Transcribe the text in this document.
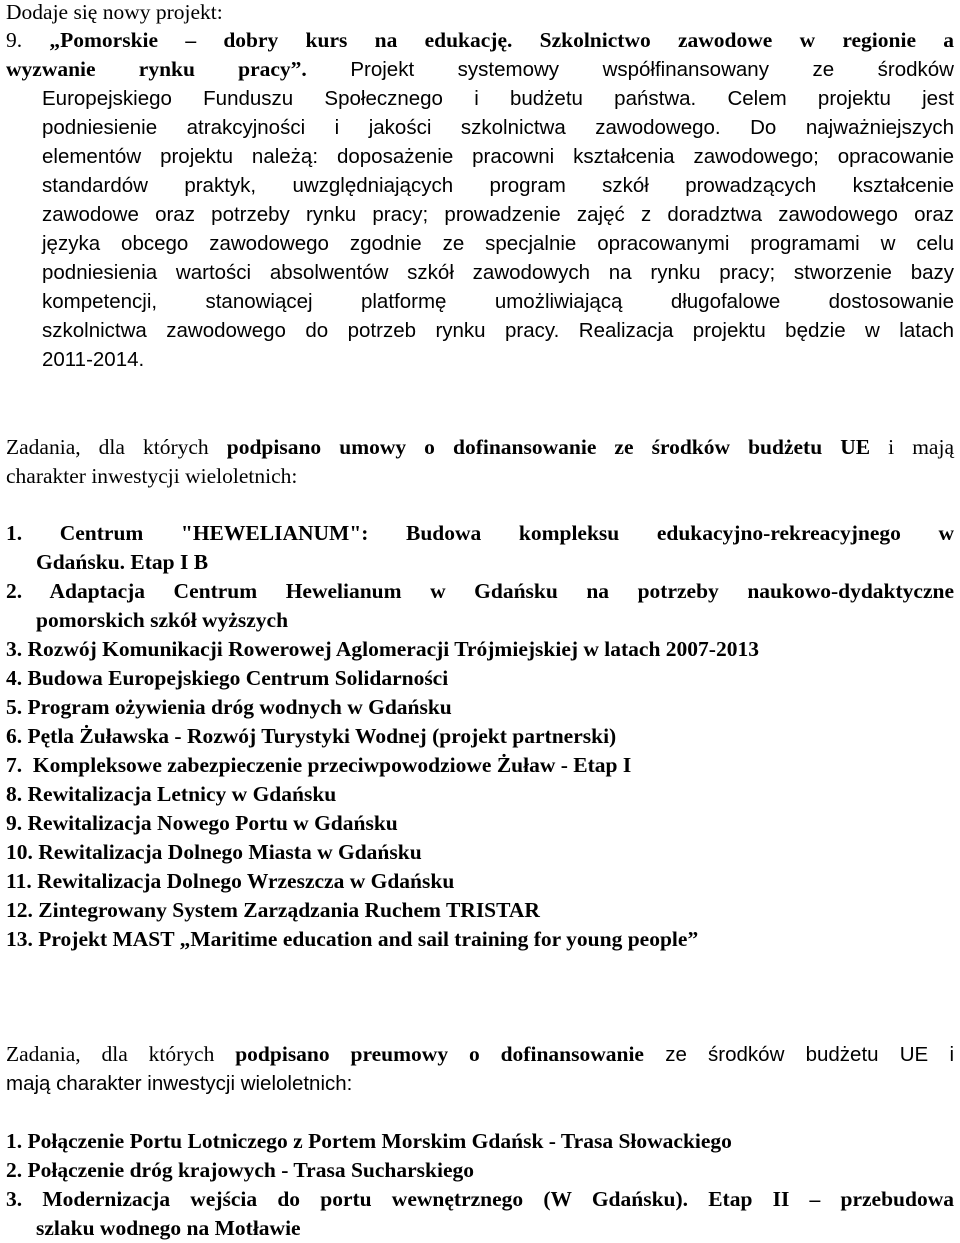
Dodaje się nowy projekt:
9. „Pomorskie – dobry kurs na edukację. Szkolnictwo zawodowe w regionie a
wyzwanie rynku pracy”. Projekt systemowy współfinansowany ze środków
Europejskiego Funduszu Społecznego i budżetu państwa. Celem projektu jest
podniesienie atrakcyjności i jakości szkolnictwa zawodowego. Do najważniejszych
elementów projektu należą: doposażenie pracowni kształcenia zawodowego; opracowanie
standardów praktyk, uwzględniających program szkół prowadzących kształcenie
zawodowe oraz potrzeby rynku pracy; prowadzenie zajęć z doradztwa zawodowego oraz
języka obcego zawodowego zgodnie ze specjalnie opracowanymi programami w celu
podniesienia wartości absolwentów szkół zawodowych na rynku pracy; stworzenie bazy
kompetencji, stanowiącej platformę umożliwiającą długofalowe dostosowanie
szkolnictwa zawodowego do potrzeb rynku pracy. Realizacja projektu będzie w latach
2011-2014.
Zadania, dla których podpisano umowy o dofinansowanie ze środków budżetu UE i mają
charakter inwestycji wieloletnich:
1. Centrum "HEWELIANUM": Budowa kompleksu edukacyjno-rekreacyjnego w
Gdańsku. Etap I B
2. Adaptacja Centrum Hewelianum w Gdańsku na potrzeby naukowo-dydaktyczne
pomorskich szkół wyższych
3. Rozwój Komunikacji Rowerowej Aglomeracji Trójmiejskiej w latach 2007-2013
4. Budowa Europejskiego Centrum Solidarności
5. Program ożywienia dróg wodnych w Gdańsku
6. Pętla Żuławska - Rozwój Turystyki Wodnej (projekt partnerski)
7.  Kompleksowe zabezpieczenie przeciwpowodziowe Żuław - Etap I
8. Rewitalizacja Letnicy w Gdańsku
9. Rewitalizacja Nowego Portu w Gdańsku
10. Rewitalizacja Dolnego Miasta w Gdańsku
11. Rewitalizacja Dolnego Wrzeszcza w Gdańsku
12. Zintegrowany System Zarządzania Ruchem TRISTAR
13. Projekt MAST „Maritime education and sail training for young people”
Zadania, dla których podpisano preumowy o dofinansowanie ze środków budżetu UE i
mają charakter inwestycji wieloletnich:
1. Połączenie Portu Lotniczego z Portem Morskim Gdańsk - Trasa Słowackiego
2. Połączenie dróg krajowych - Trasa Sucharskiego
3. Modernizacja wejścia do portu wewnętrznego (W Gdańsku). Etap II – przebudowa
szlaku wodnego na Motławie
